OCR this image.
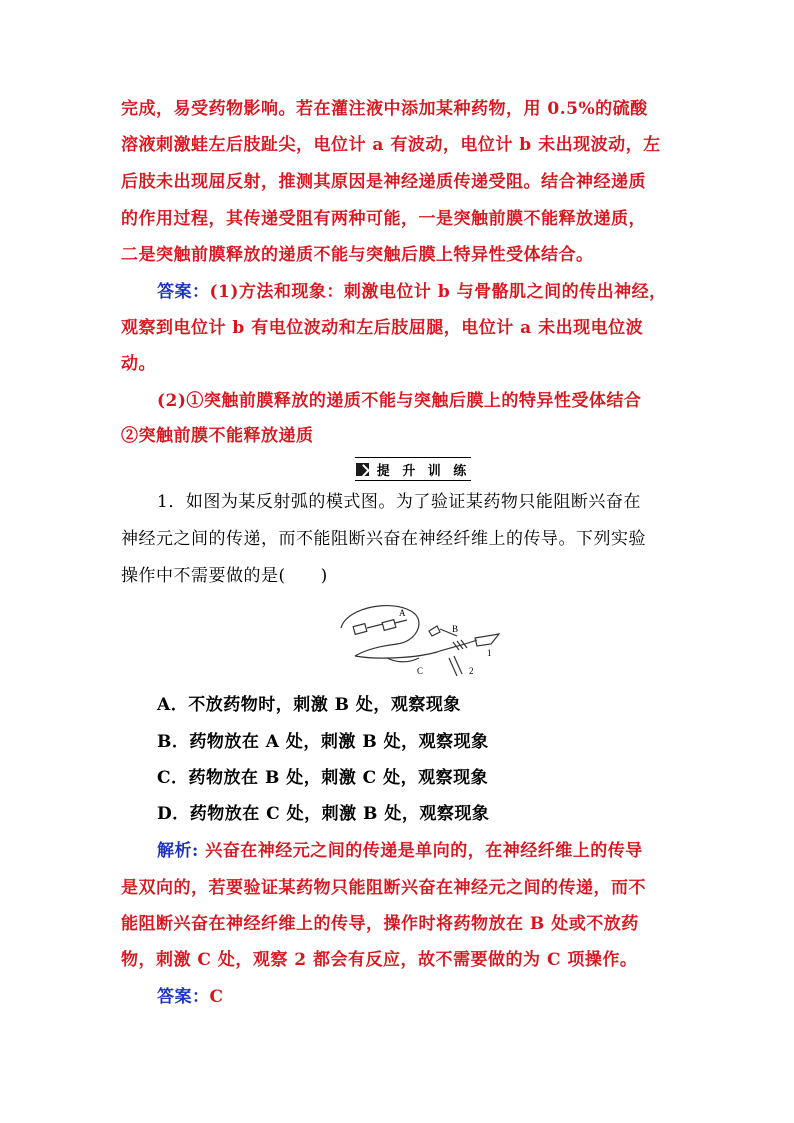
完成，易受药物影响。若在灌注液中添加某种药物，用 0.5%的硫酸
溶液刺激蛙左后肢趾尖，电位计 a 有波动，电位计 b 未出现波动，左
后肢未出现屈反射，推测其原因是神经递质传递受阻。结合神经递质
的作用过程，其传递受阻有两种可能，一是突触前膜不能释放递质，
二是突触前膜释放的递质不能与突触后膜上特异性受体结合。
答案：(1)方法和现象：刺激电位计 b 与骨骼肌之间的传出神经，
观察到电位计 b 有电位波动和左后肢屈腿，电位计 a 未出现电位波
动。
(2)①突触前膜释放的递质不能与突触后膜上的特异性受体结合
②突触前膜不能释放递质
提 升 训 练
1．如图为某反射弧的模式图。为了验证某药物只能阻断兴奋在
神经元之间的传递，而不能阻断兴奋在神经纤维上的传导。下列实验
操作中不需要做的是(　　)
A
B
C
1
2
A．不放药物时，刺激 B 处，观察现象
B．药物放在 A 处，刺激 B 处，观察现象
C．药物放在 B 处，刺激 C 处，观察现象
D．药物放在 C 处，刺激 B 处，观察现象
解析: 兴奋在神经元之间的传递是单向的，在神经纤维上的传导
是双向的，若要验证某药物只能阻断兴奋在神经元之间的传递，而不
能阻断兴奋在神经纤维上的传导，操作时将药物放在 B 处或不放药
物，刺激 C 处，观察 2 都会有反应，故不需要做的为 C 项操作。
答案：C
